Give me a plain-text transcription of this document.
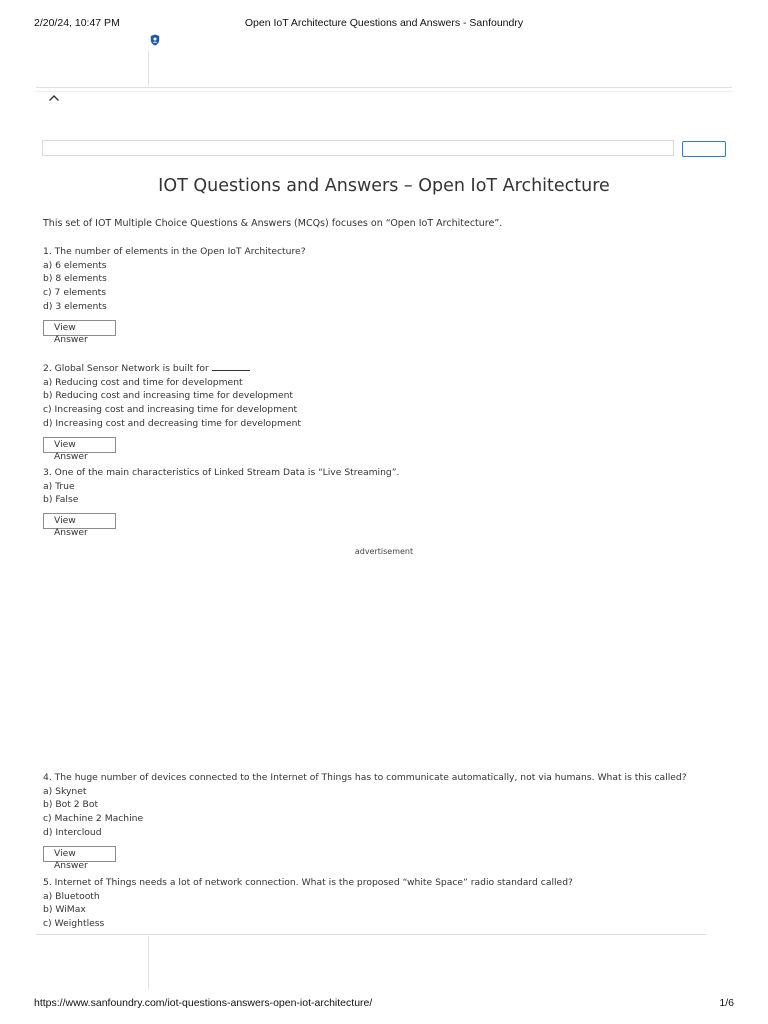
2/20/24, 10:47 PM	Open IoT Architecture Questions and Answers - Sanfoundry
IOT Questions and Answers – Open IoT Architecture
This set of IOT Multiple Choice Questions & Answers (MCQs) focuses on “Open IoT Architecture”.
1. The number of elements in the Open IoT Architecture?
a) 6 elements
b) 8 elements
c) 7 elements
d) 3 elements
View Answer
2. Global Sensor Network is built for
a) Reducing cost and time for development
b) Reducing cost and increasing time for development
c) Increasing cost and increasing time for development
d) Increasing cost and decreasing time for development
View Answer
3. One of the main characteristics of Linked Stream Data is “Live Streaming”.
a) True
b) False
View Answer
advertisement
4. The huge number of devices connected to the Internet of Things has to communicate automatically, not via humans. What is this called?
a) Skynet
b) Bot 2 Bot
c) Machine 2 Machine
d) Intercloud
View Answer
5. Internet of Things needs a lot of network connection. What is the proposed “white Space” radio standard called?
a) Bluetooth
b) WiMax
c) Weightless
https://www.sanfoundry.com/iot-questions-answers-open-iot-architecture/	1/6
